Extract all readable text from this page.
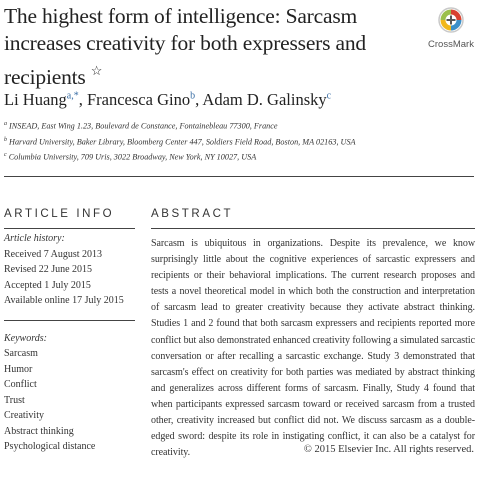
The highest form of intelligence: Sarcasm increases creativity for both expressers and recipients ☆
CrossMark
Li Huang$^{a,*}$, Francesca Gino$^b$, Adam D. Galinsky$^c$
$^a$ INSEAD, East Wing 1.23, Boulevard de Constance, Fontainebleau 77300, France
$^b$ Harvard University, Baker Library, Bloomberg Center 447, Soldiers Field Road, Boston, MA 02163, USA
$^c$ Columbia University, 709 Uris, 3022 Broadway, New York, NY 10027, USA
ARTICLE INFO	ABSTRACT
Article history:
Received 7 August 2013
Revised 22 June 2015
Accepted 1 July 2015
Available online 17 July 2015
Keywords:
Sarcasm
Humor
Conflict
Trust
Creativity
Abstract thinking
Psychological distance

Sarcasm is ubiquitous in organizations. Despite its prevalence, we know surprisingly little about the cognitive experiences of sarcastic expressers and recipients or their behavioral implications. The current research proposes and tests a novel theoretical model in which both the construction and interpretation of sarcasm lead to greater creativity because they activate abstract thinking. Studies 1 and 2 found that both sarcasm expressers and recipients reported more conflict but also demonstrated enhanced creativity following a simulated sarcastic conversation or after recalling a sarcastic exchange. Study 3 demonstrated that sarcasm's effect on creativity for both parties was mediated by abstract thinking and generalizes across different forms of sarcasm. Finally, Study 4 found that when participants expressed sarcasm toward or received sarcasm from a trusted other, creativity increased but conflict did not. We discuss sarcasm as a double-edged sword: despite its role in instigating conflict, it can also be a catalyst for creativity.	© 2015 Elsevier Inc. All rights reserved.
